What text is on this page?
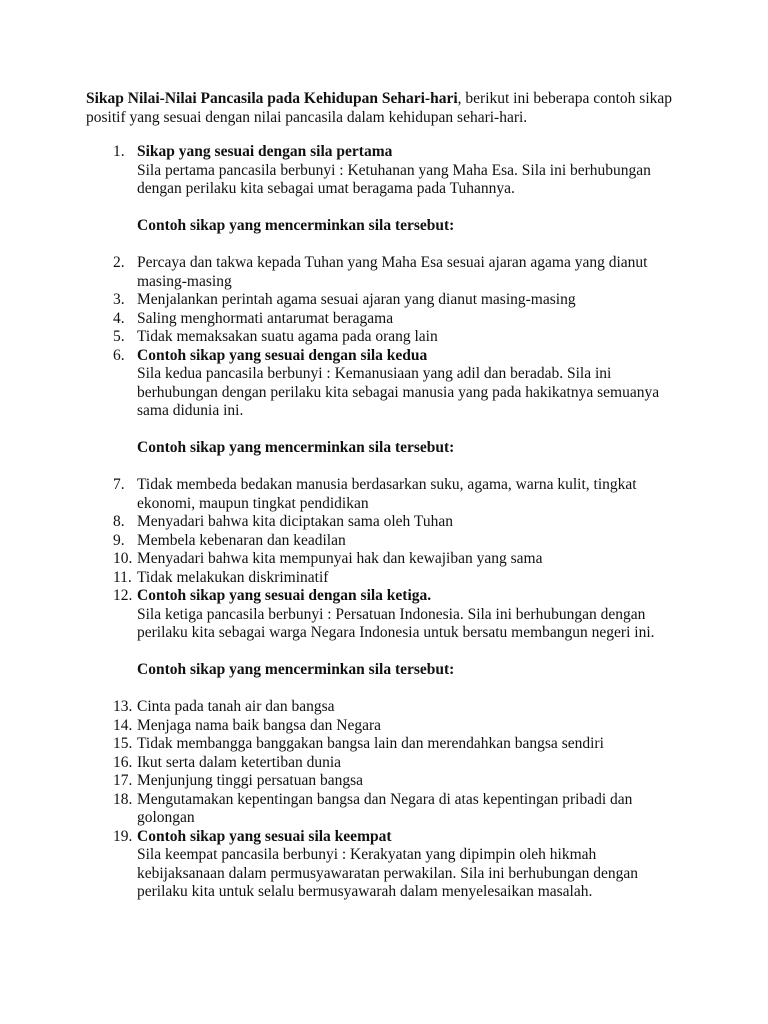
Sikap Nilai-Nilai Pancasila pada Kehidupan Sehari-hari, berikut ini beberapa contoh sikap positif yang sesuai dengan nilai pancasila dalam kehidupan sehari-hari.

1. Sikap yang sesuai dengan sila pertama
Sila pertama pancasila berbunyi : Ketuhanan yang Maha Esa. Sila ini berhubungan dengan perilaku kita sebagai umat beragama pada Tuhannya.

Contoh sikap yang mencerminkan sila tersebut:

2. Percaya dan takwa kepada Tuhan yang Maha Esa sesuai ajaran agama yang dianut masing-masing
3. Menjalankan perintah agama sesuai ajaran yang dianut masing-masing
4. Saling menghormati antarumat beragama
5. Tidak memaksakan suatu agama pada orang lain
6. Contoh sikap yang sesuai dengan sila kedua
Sila kedua pancasila berbunyi : Kemanusiaan yang adil dan beradab. Sila ini berhubungan dengan perilaku kita sebagai manusia yang pada hakikatnya semuanya sama didunia ini.

Contoh sikap yang mencerminkan sila tersebut:

7. Tidak membeda bedakan manusia berdasarkan suku, agama, warna kulit, tingkat ekonomi, maupun tingkat pendidikan
8. Menyadari bahwa kita diciptakan sama oleh Tuhan
9. Membela kebenaran dan keadilan
10. Menyadari bahwa kita mempunyai hak dan kewajiban yang sama
11. Tidak melakukan diskriminatif
12. Contoh sikap yang sesuai dengan sila ketiga.
Sila ketiga pancasila berbunyi : Persatuan Indonesia. Sila ini berhubungan dengan perilaku kita sebagai warga Negara Indonesia untuk bersatu membangun negeri ini.

Contoh sikap yang mencerminkan sila tersebut:

13. Cinta pada tanah air dan bangsa
14. Menjaga nama baik bangsa dan Negara
15. Tidak membangga banggakan bangsa lain dan merendahkan bangsa sendiri
16. Ikut serta dalam ketertiban dunia
17. Menjunjung tinggi persatuan bangsa
18. Mengutamakan kepentingan bangsa dan Negara di atas kepentingan pribadi dan golongan
19. Contoh sikap yang sesuai sila keempat
Sila keempat pancasila berbunyi : Kerakyatan yang dipimpin oleh hikmah kebijaksanaan dalam permusyawaratan perwakilan. Sila ini berhubungan dengan perilaku kita untuk selalu bermusyawarah dalam menyelesaikan masalah.
